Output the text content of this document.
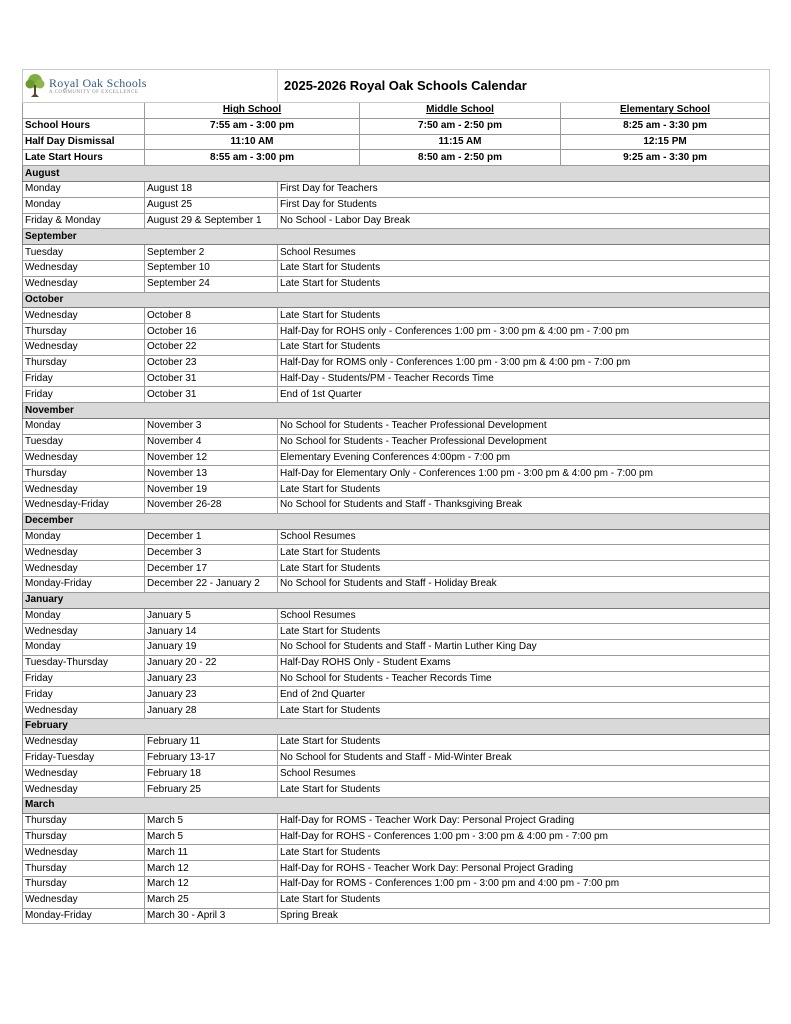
Royal Oak Schools
A COMMUNITY OF EXCELLENCE		2025-2026 Royal Oak Schools Calendar		
	High School		Middle School	Elementary School
School Hours	7:55 am - 3:00 pm		7:50 am - 2:50 pm	8:25 am - 3:30 pm
Half Day Dismissal	11:10 AM		11:15 AM	12:15 PM
Late Start Hours	8:55 am - 3:00 pm		8:50 am - 2:50 pm	9:25 am - 3:30 pm
August				
Monday	August 18	First Day for Teachers		
Monday	August 25	First Day for Students		
Friday & Monday	August 29 & September 1	No School - Labor Day Break		
September				
Tuesday	September 2	School Resumes		
Wednesday	September 10	Late Start for Students		
Wednesday	September 24	Late Start for Students		
October				
Wednesday	October 8	Late Start for Students		
Thursday	October 16	Half-Day for ROHS only - Conferences 1:00 pm - 3:00 pm & 4:00 pm - 7:00 pm		
Wednesday	October 22	Late Start for Students		
Thursday	October 23	Half-Day for ROMS only - Conferences 1:00 pm - 3:00 pm & 4:00 pm - 7:00 pm		
Friday	October 31	Half-Day - Students/PM - Teacher Records Time		
Friday	October 31	End of 1st Quarter		
November				
Monday	November 3	No School for Students - Teacher Professional Development		
Tuesday	November 4	No School for Students - Teacher Professional Development		
Wednesday	November 12	Elementary Evening Conferences 4:00pm - 7:00 pm		
Thursday	November 13	Half-Day for Elementary Only - Conferences 1:00 pm - 3:00 pm & 4:00 pm - 7:00 pm		
Wednesday	November 19	Late Start for Students		
Wednesday-Friday	November 26-28	No School for Students and Staff - Thanksgiving Break		
December				
Monday	December 1	School Resumes		
Wednesday	December 3	Late Start for Students		
Wednesday	December 17	Late Start for Students		
Monday-Friday	December 22 - January 2	No School for Students and Staff - Holiday Break		
January				
Monday	January 5	School Resumes		
Wednesday	January 14	Late Start for Students		
Monday	January 19	No School for Students and Staff - Martin Luther King Day		
Tuesday-Thursday	January 20 - 22	Half-Day ROHS Only - Student Exams		
Friday	January 23	No School for Students - Teacher Records Time		
Friday	January 23	End of 2nd Quarter		
Wednesday	January 28	Late Start for Students		
February				
Wednesday	February 11	Late Start for Students		
Friday-Tuesday	February 13-17	No School for Students and Staff - Mid-Winter Break		
Wednesday	February 18	School Resumes		
Wednesday	February 25	Late Start for Students		
March				
Thursday	March 5	Half-Day for ROMS - Teacher Work Day: Personal Project Grading		
Thursday	March 5	Half-Day for ROHS - Conferences 1:00 pm - 3:00 pm & 4:00 pm - 7:00 pm		
Wednesday	March 11	Late Start for Students		
Thursday	March 12	Half-Day for ROHS - Teacher Work Day: Personal Project Grading		
Thursday	March 12	Half-Day for ROMS - Conferences 1:00 pm - 3:00 pm and 4:00 pm - 7:00 pm		
Wednesday	March 25	Late Start for Students		
Monday-Friday	March 30 - April 3	Spring Break		
